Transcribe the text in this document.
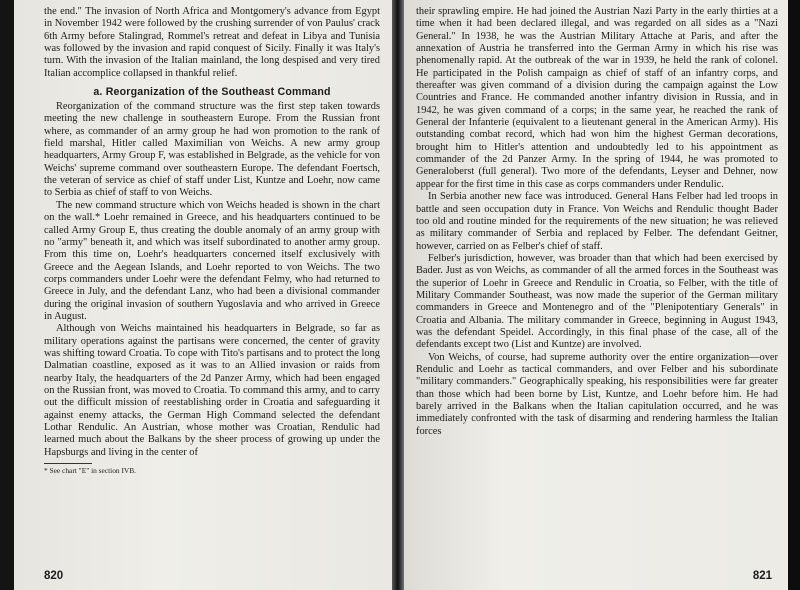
the end." The invasion of North Africa and Montgomery's advance from Egypt in November 1942 were followed by the crushing surrender of von Paulus' crack 6th Army before Stalingrad, Rommel's retreat and defeat in Libya and Tunisia was followed by the invasion and rapid conquest of Sicily. Finally it was Italy's turn. With the invasion of the Italian mainland, the long despised and very tired Italian accomplice collapsed in thankful relief.

a. Reorganization of the Southeast Command

Reorganization of the command structure was the first step taken towards meeting the new challenge in southeastern Europe. From the Russian front where, as commander of an army group he had won promotion to the rank of field marshal, Hitler called Maximilian von Weichs. A new army group headquarters, Army Group F, was established in Belgrade, as the vehicle for von Weichs' supreme command over southeastern Europe. The defendant Foertsch, the veteran of service as chief of staff under List, Kuntze and Loehr, now came to Serbia as chief of staff to von Weichs.

The new command structure which von Weichs headed is shown in the chart on the wall.* Loehr remained in Greece, and his headquarters continued to be called Army Group E, thus creating the double anomaly of an army group with no "army" beneath it, and which was itself subordinated to another army group. From this time on, Loehr's headquarters concerned itself exclusively with Greece and the Aegean Islands, and Loehr reported to von Weichs. The two corps commanders under Loehr were the defendant Felmy, who had returned to Greece in July, and the defendant Lanz, who had been a divisional commander during the original invasion of southern Yugoslavia and who arrived in Greece in August.

Although von Weichs maintained his headquarters in Belgrade, so far as military operations against the partisans were concerned, the center of gravity was shifting toward Croatia. To cope with Tito's partisans and to protect the long Dalmatian coastline, exposed as it was to an Allied invasion or raids from nearby Italy, the headquarters of the 2d Panzer Army, which had been engaged on the Russian front, was moved to Croatia. To command this army, and to carry out the difficult mission of reestablishing order in Croatia and safeguarding it against enemy attacks, the German High Command selected the defendant Lothar Rendulic. An Austrian, whose mother was Croatian, Rendulic had learned much about the Balkans by the sheer process of growing up under the Hapsburgs and living in the center of

* See chart "E" in section IVB.

820

their sprawling empire. He had joined the Austrian Nazi Party in the early thirties at a time when it had been declared illegal, and was regarded on all sides as a "Nazi General." In 1938, he was the Austrian Military Attache at Paris, and after the annexation of Austria he transferred into the German Army in which his rise was phenomenally rapid. At the outbreak of the war in 1939, he held the rank of colonel. He participated in the Polish campaign as chief of staff of an infantry corps, and thereafter was given command of a division during the campaign against the Low Countries and France. He commanded another infantry division in Russia, and in 1942, he was given command of a corps; in the same year, he reached the rank of General der Infanterie (equivalent to a lieutenant general in the American Army). His outstanding combat record, which had won him the highest German decorations, brought him to Hitler's attention and undoubtedly led to his appointment as commander of the 2d Panzer Army. In the spring of 1944, he was promoted to Generaloberst (full general). Two more of the defendants, Leyser and Dehner, now appear for the first time in this case as corps commanders under Rendulic.

In Serbia another new face was introduced. General Hans Felber had led troops in battle and seen occupation duty in France. Von Weichs and Rendulic thought Bader too old and routine minded for the requirements of the new situation; he was relieved as military commander of Serbia and replaced by Felber. The defendant Geitner, however, carried on as Felber's chief of staff.

Felber's jurisdiction, however, was broader than that which had been exercised by Bader. Just as von Weichs, as commander of all the armed forces in the Southeast was the superior of Loehr in Greece and Rendulic in Croatia, so Felber, with the title of Military Commander Southeast, was now made the superior of the German military commanders in Greece and Montenegro and of the "Plenipotentiary Generals" in Croatia and Albania. The military commander in Greece, beginning in August 1943, was the defendant Speidel. Accordingly, in this final phase of the case, all of the defendants except two (List and Kuntze) are involved.

Von Weichs, of course, had supreme authority over the entire organization—over Rendulic and Loehr as tactical commanders, and over Felber and his subordinate "military commanders." Geographically speaking, his responsibilities were far greater than those which had been borne by List, Kuntze, and Loehr before him. He had barely arrived in the Balkans when the Italian capitulation occurred, and he was immediately confronted with the task of disarming and rendering harmless the Italian forces

821
